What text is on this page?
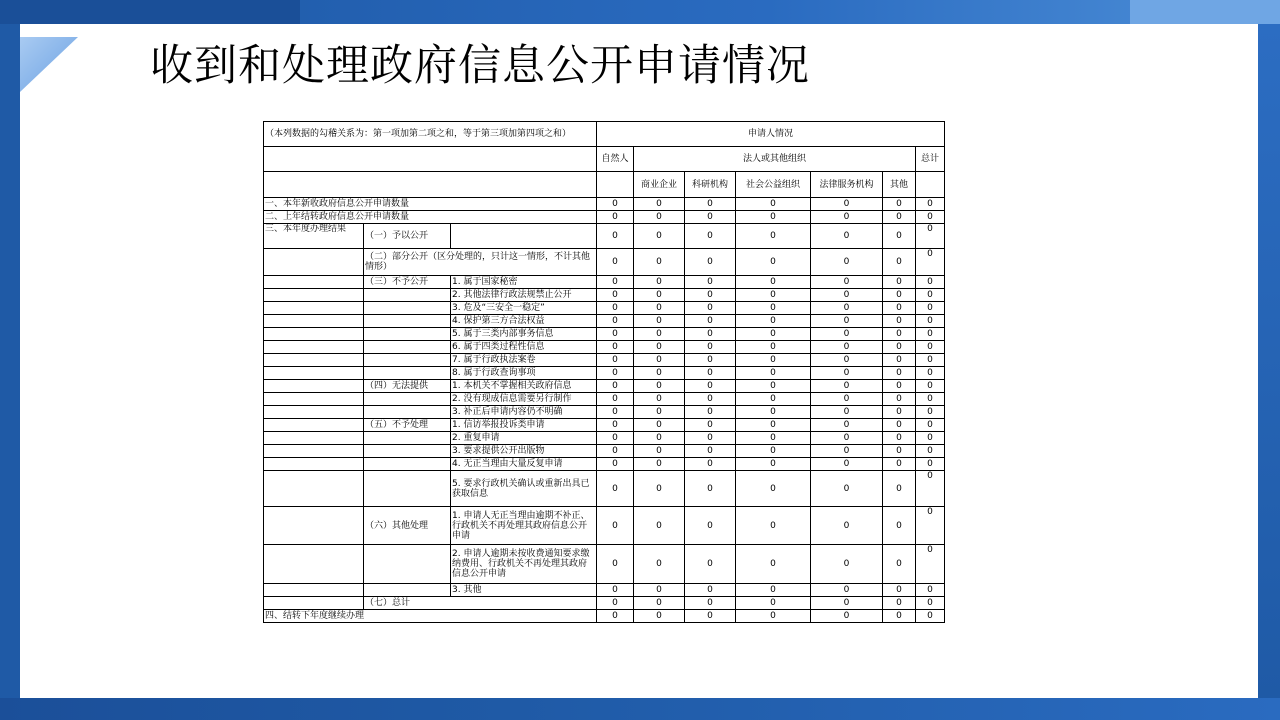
收到和处理政府信息公开申请情况
（本列数据的勾稽关系为：第一项加第二项之和，等于第三项加第四项之和）	申请人情况
	自然人	法人或其他组织	总计
		商业企业	科研机构	社会公益组织	法律服务机构	其他	
一、本年新收政府信息公开申请数量	0	0	0	0	0	0	0
二、上年结转政府信息公开申请数量	0	0	0	0	0	0	0
三、本年度办理结果	（一）予以公开		0	0	0	0	0	0	0
	（二）部分公开（区分处理的，只计这一情形，不计其他情形）	0	0	0	0	0	0	0
	（三）不予公开	1. 属于国家秘密	0	0	0	0	0	0	0
		2. 其他法律行政法规禁止公开	0	0	0	0	0	0	0
		3. 危及“三安全一稳定”	0	0	0	0	0	0	0
		4. 保护第三方合法权益	0	0	0	0	0	0	0
		5. 属于三类内部事务信息	0	0	0	0	0	0	0
		6. 属于四类过程性信息	0	0	0	0	0	0	0
		7. 属于行政执法案卷	0	0	0	0	0	0	0
		8. 属于行政查询事项	0	0	0	0	0	0	0
	（四）无法提供	1. 本机关不掌握相关政府信息	0	0	0	0	0	0	0
		2. 没有现成信息需要另行制作	0	0	0	0	0	0	0
		3. 补正后申请内容仍不明确	0	0	0	0	0	0	0
	（五）不予处理	1. 信访举报投诉类申请	0	0	0	0	0	0	0
		2. 重复申请	0	0	0	0	0	0	0
		3. 要求提供公开出版物	0	0	0	0	0	0	0
		4. 无正当理由大量反复申请	0	0	0	0	0	0	0
		5. 要求行政机关确认或重新出具已获取信息	0	0	0	0	0	0	0
	（六）其他处理	1. 申请人无正当理由逾期不补正、行政机关不再处理其政府信息公开申请	0	0	0	0	0	0	0
		2. 申请人逾期未按收费通知要求缴纳费用、行政机关不再处理其政府信息公开申请	0	0	0	0	0	0	0
		3. 其他	0	0	0	0	0	0	0
	（七）总计	0	0	0	0	0	0	0
四、结转下年度继续办理	0	0	0	0	0	0	0
